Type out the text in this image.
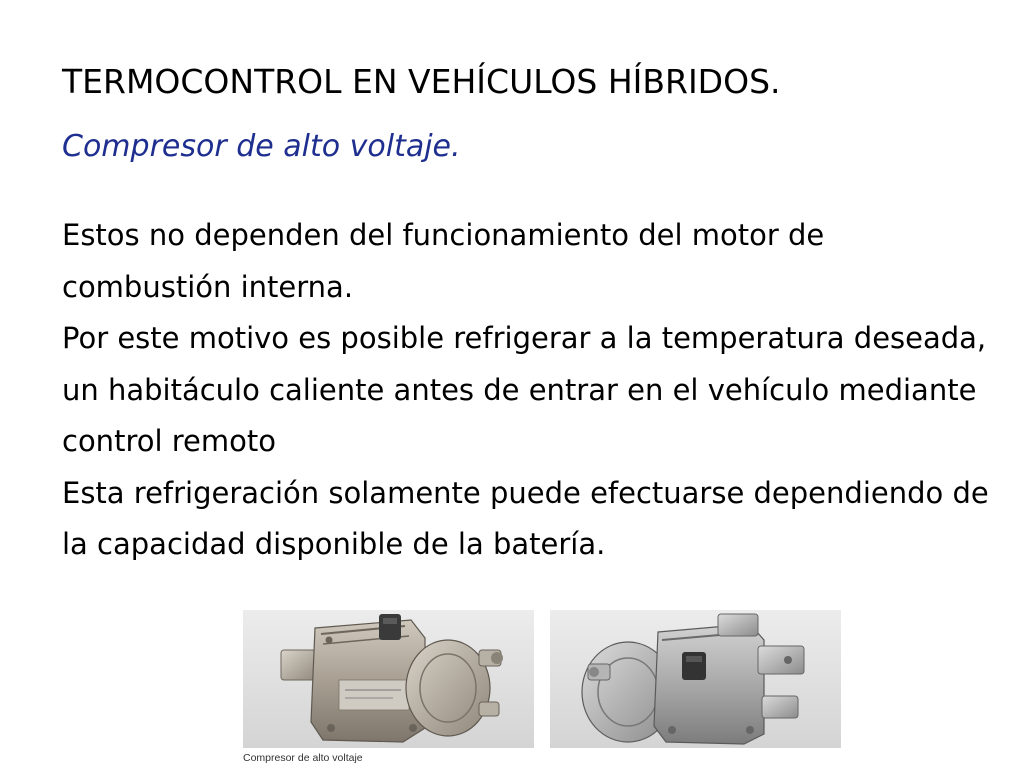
TERMOCONTROL EN VEHÍCULOS HÍBRIDOS.
Compresor de alto voltaje.

Estos no dependen del funcionamiento del motor de combustión interna.

Por este motivo es posible refrigerar a la temperatura deseada, un habitáculo caliente antes de entrar en el vehículo mediante control remoto

Esta refrigeración solamente puede efectuarse dependiendo de la capacidad disponible de la batería.

Compresor de alto voltaje
